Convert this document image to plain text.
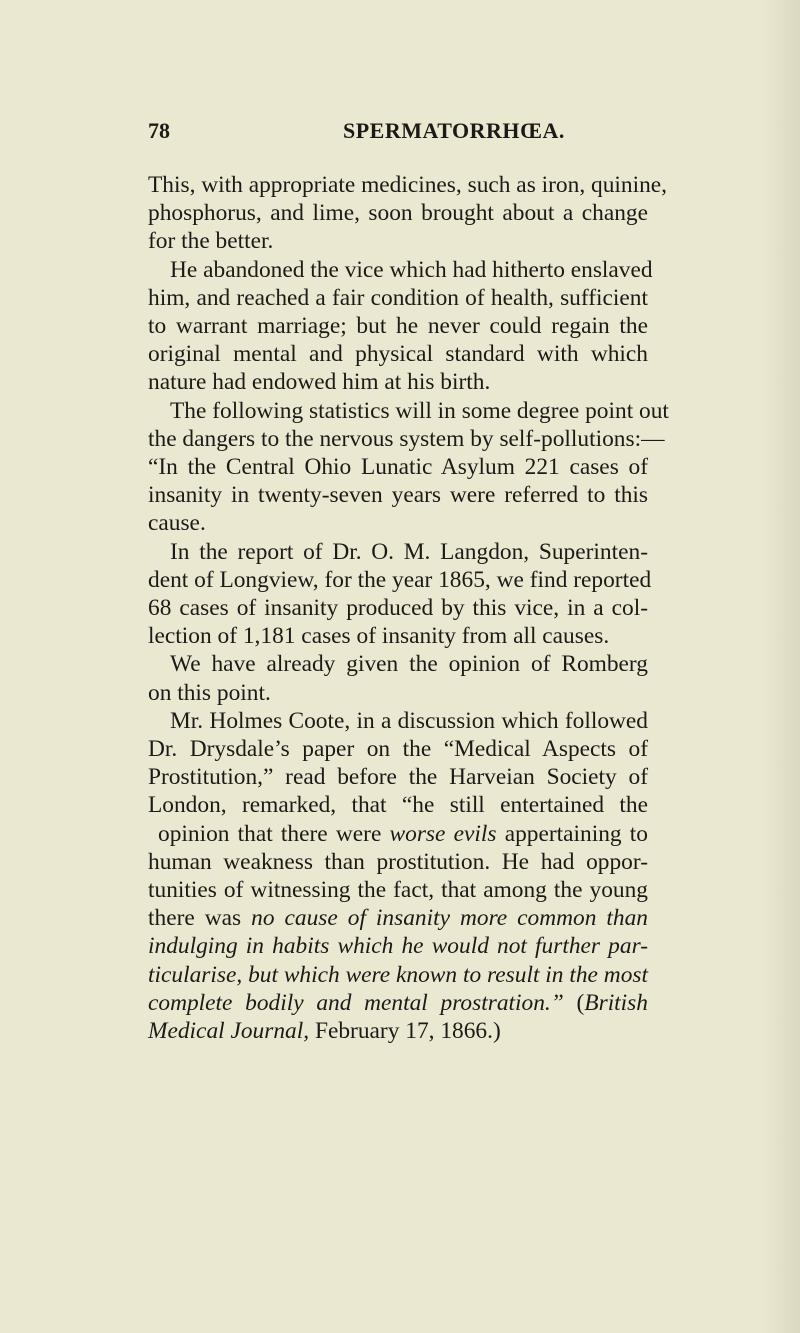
78	SPERMATORRHŒA.
This, with appropriate medicines, such as iron, quinine,
phosphorus, and lime, soon brought about a change
for the better.
He abandoned the vice which had hitherto enslaved
him, and reached a fair condition of health, sufficient
to warrant marriage; but he never could regain the
original mental and physical standard with which
nature had endowed him at his birth.
The following statistics will in some degree point out
the dangers to the nervous system by self-pollutions:—
“In the Central Ohio Lunatic Asylum 221 cases of
insanity in twenty-seven years were referred to this
cause.
In the report of Dr. O. M. Langdon, Superinten-
dent of Longview, for the year 1865, we find reported
68 cases of insanity produced by this vice, in a col-
lection of 1,181 cases of insanity from all causes.
We have already given the opinion of Romberg
on this point.
Mr. Holmes Coote, in a discussion which followed
Dr. Drysdale’s paper on the “Medical Aspects of
Prostitution,” read before the Harveian Society of
London, remarked, that “he still entertained the
opinion that there were worse evils appertaining to
human weakness than prostitution. He had oppor-
tunities of witnessing the fact, that among the young
there was no cause of insanity more common than
indulging in habits which he would not further par-
ticularise, but which were known to result in the most
complete bodily and mental prostration.” (British
Medical Journal, February 17, 1866.)
